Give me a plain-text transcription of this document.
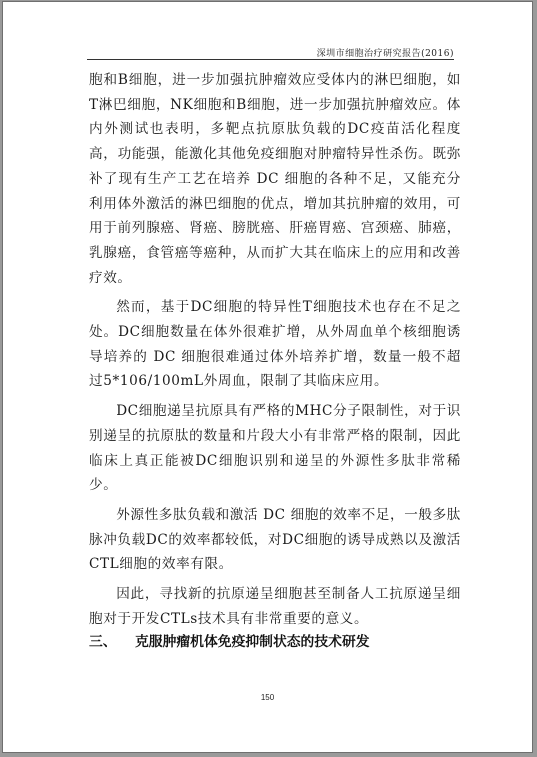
深圳市细胞治疗研究报告(2016)

胞和B细胞，进一步加强抗肿瘤效应受体内的淋巴细胞，如T淋巴细胞，NK细胞和B细胞，进一步加强抗肿瘤效应。体内外测试也表明，多靶点抗原肽负载的DC疫苗活化程度高，功能强，能激化其他免疫细胞对肿瘤特异性杀伤。既弥补了现有生产工艺在培养 DC 细胞的各种不足，又能充分利用体外激活的淋巴细胞的优点，增加其抗肿瘤的效用，可用于前列腺癌、肾癌、膀胱癌、肝癌胃癌、宫颈癌、肺癌，乳腺癌，食管癌等癌种，从而扩大其在临床上的应用和改善疗效。

然而，基于DC细胞的特异性T细胞技术也存在不足之处。DC细胞数量在体外很难扩增，从外周血单个核细胞诱导培养的 DC 细胞很难通过体外培养扩增，数量一般不超过5*106/100mL外周血，限制了其临床应用。

DC细胞递呈抗原具有严格的MHC分子限制性，对于识别递呈的抗原肽的数量和片段大小有非常严格的限制，因此临床上真正能被DC细胞识别和递呈的外源性多肽非常稀少。

外源性多肽负载和激活 DC 细胞的效率不足，一般多肽脉冲负载DC的效率都较低，对DC细胞的诱导成熟以及激活CTL细胞的效率有限。

因此，寻找新的抗原递呈细胞甚至制备人工抗原递呈细胞对于开发CTLs技术具有非常重要的意义。

三、 克服肿瘤机体免疫抑制状态的技术研发
150
